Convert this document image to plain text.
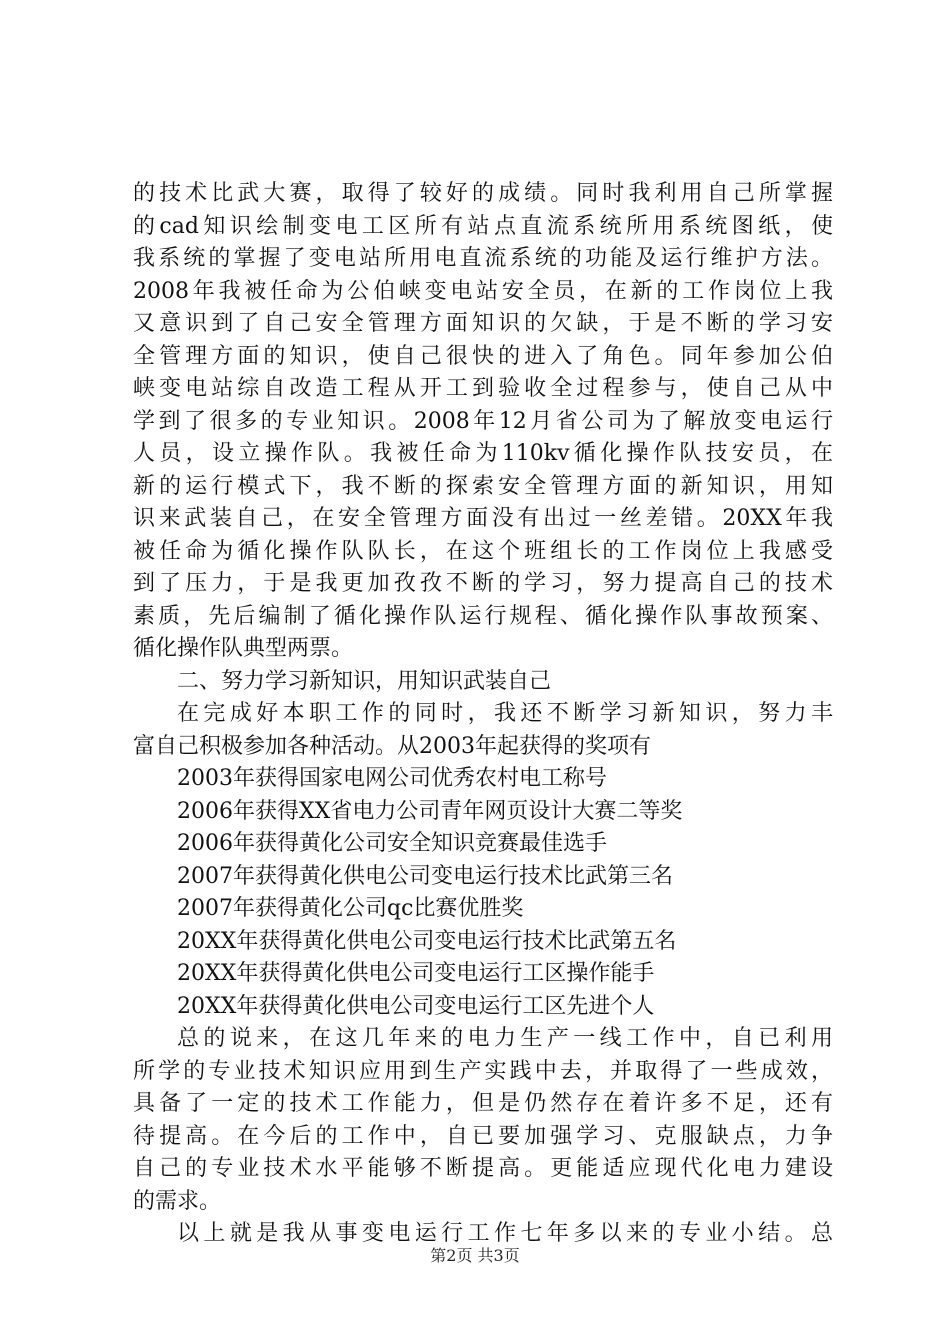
的技术比武大赛，取得了较好的成绩。同时我利用自己所掌握
的cad知识绘制变电工区所有站点直流系统所用系统图纸，使
我系统的掌握了变电站所用电直流系统的功能及运行维护方法。
2008年我被任命为公伯峡变电站安全员，在新的工作岗位上我
又意识到了自己安全管理方面知识的欠缺，于是不断的学习安
全管理方面的知识，使自己很快的进入了角色。同年参加公伯
峡变电站综自改造工程从开工到验收全过程参与，使自己从中
学到了很多的专业知识。2008年12月省公司为了解放变电运行
人员，设立操作队。我被任命为110kv循化操作队技安员，在
新的运行模式下，我不断的探索安全管理方面的新知识，用知
识来武装自己，在安全管理方面没有出过一丝差错。20XX年我
被任命为循化操作队队长，在这个班组长的工作岗位上我感受
到了压力，于是我更加孜孜不断的学习，努力提高自己的技术
素质，先后编制了循化操作队运行规程、循化操作队事故预案、
循化操作队典型两票。
二、努力学习新知识，用知识武装自己
在完成好本职工作的同时，我还不断学习新知识，努力丰
富自己积极参加各种活动。从2003年起获得的奖项有
2003年获得国家电网公司优秀农村电工称号
2006年获得XX省电力公司青年网页设计大赛二等奖
2006年获得黄化公司安全知识竞赛最佳选手
2007年获得黄化供电公司变电运行技术比武第三名
2007年获得黄化公司qc比赛优胜奖
20XX年获得黄化供电公司变电运行技术比武第五名
20XX年获得黄化供电公司变电运行工区操作能手
20XX年获得黄化供电公司变电运行工区先进个人
总的说来，在这几年来的电力生产一线工作中，自已利用
所学的专业技术知识应用到生产实践中去，并取得了一些成效，
具备了一定的技术工作能力，但是仍然存在着许多不足，还有
待提高。在今后的工作中，自已要加强学习、克服缺点，力争
自己的专业技术水平能够不断提高。更能适应现代化电力建设
的需求。
以上就是我从事变电运行工作七年多以来的专业小结。总
第2页 共3页
